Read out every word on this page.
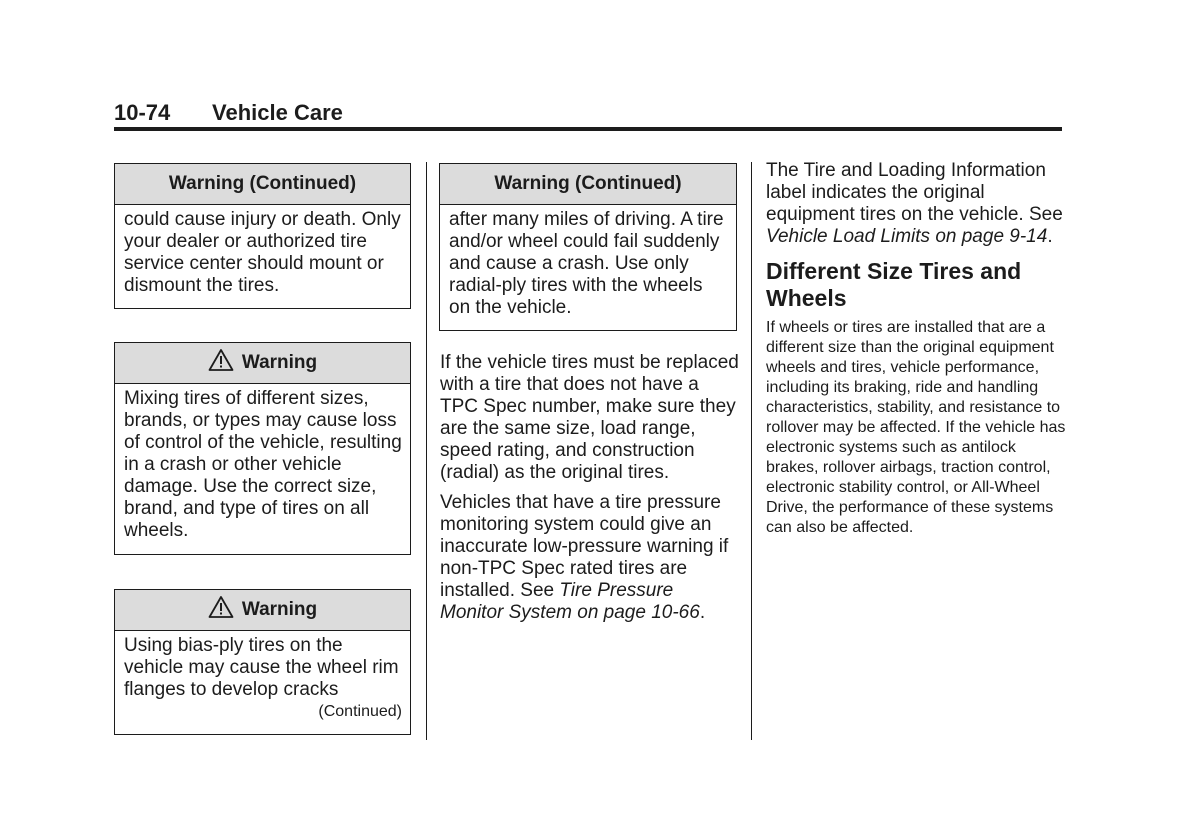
10-74 Vehicle Care
Warning (Continued)
could cause injury or death. Only your dealer or authorized tire service center should mount or dismount the tires.
Warning
Mixing tires of different sizes, brands, or types may cause loss of control of the vehicle, resulting in a crash or other vehicle damage. Use the correct size, brand, and type of tires on all wheels.
Warning
Using bias-ply tires on the vehicle may cause the wheel rim flanges to develop cracks
(Continued)
Warning (Continued)
after many miles of driving. A tire and/or wheel could fail suddenly and cause a crash. Use only radial-ply tires with the wheels on the vehicle.

If the vehicle tires must be replaced with a tire that does not have a TPC Spec number, make sure they are the same size, load range, speed rating, and construction (radial) as the original tires.

Vehicles that have a tire pressure monitoring system could give an inaccurate low-pressure warning if non-TPC Spec rated tires are installed. See Tire Pressure Monitor System on page 10-66.

The Tire and Loading Information label indicates the original equipment tires on the vehicle. See Vehicle Load Limits on page 9-14.

Different Size Tires and Wheels

If wheels or tires are installed that are a different size than the original equipment wheels and tires, vehicle performance, including its braking, ride and handling characteristics, stability, and resistance to rollover may be affected. If the vehicle has electronic systems such as antilock brakes, rollover airbags, traction control, electronic stability control, or All-Wheel Drive, the performance of these systems can also be affected.
